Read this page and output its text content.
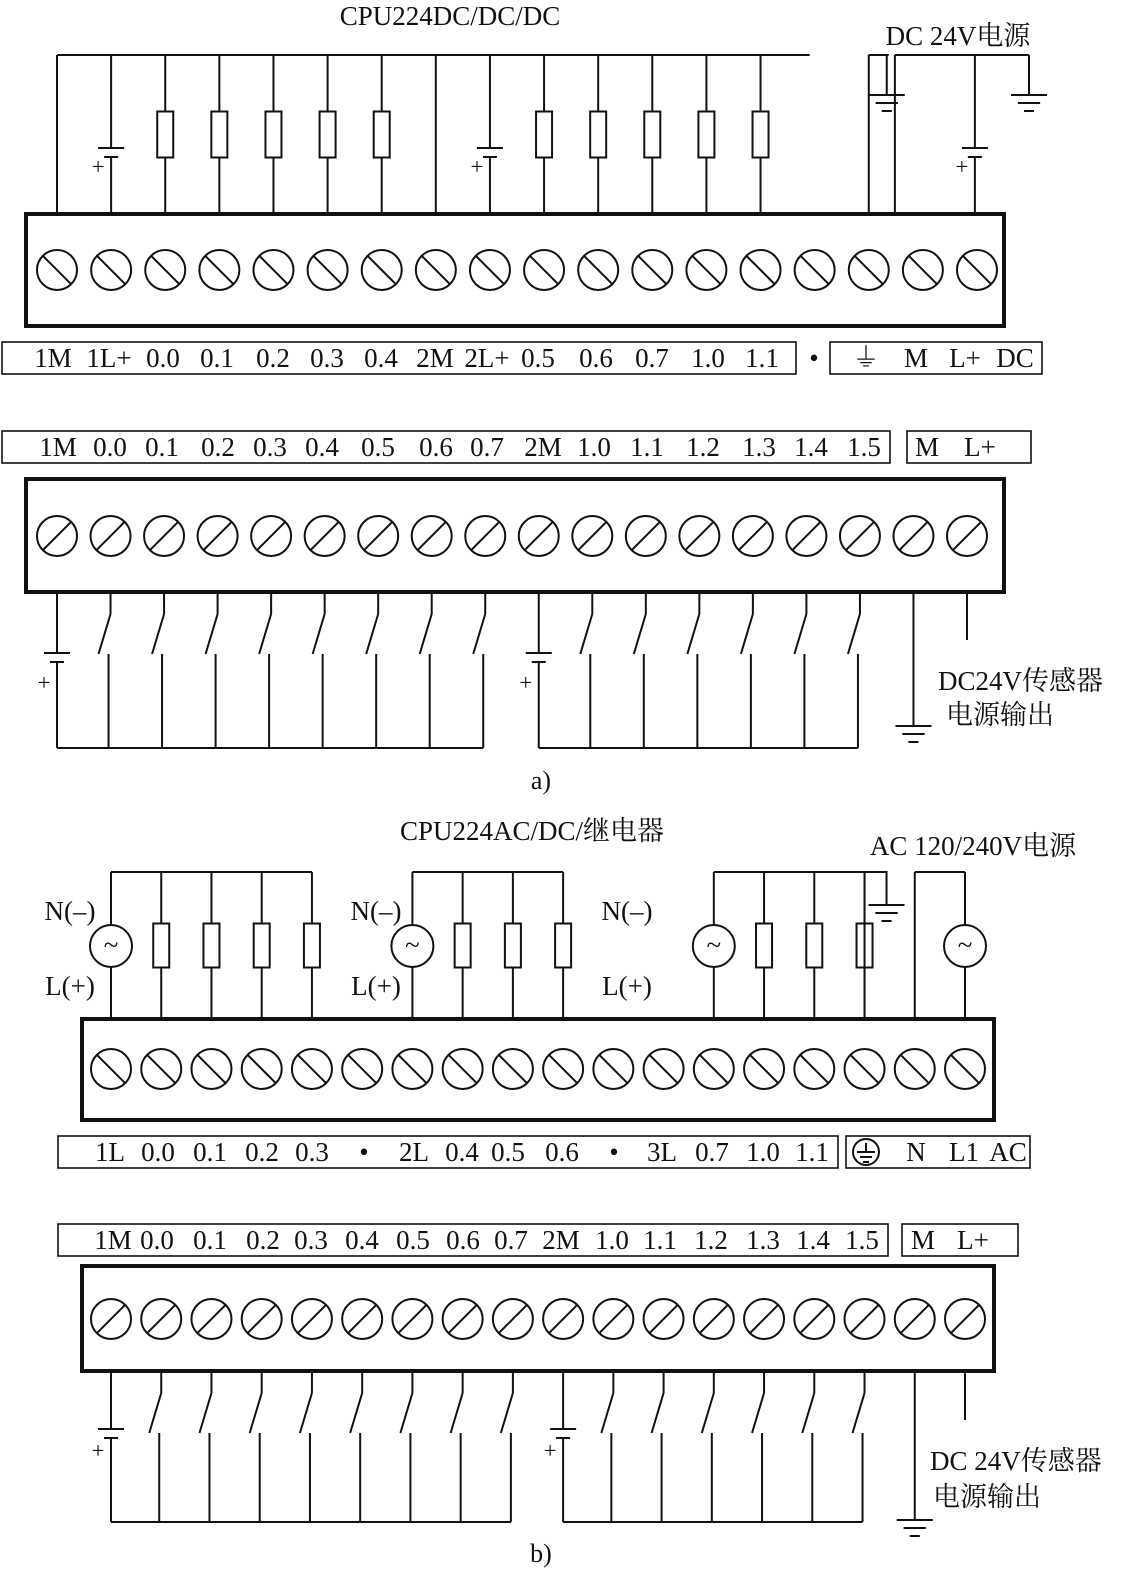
CPU224DC/DC/DC
DC 24V电源
+	+	+
•
1M 1L+ 0.0 0.1 0.2 0.3 0.4 2M 2L+ 0.5 0.6 0.7 1.0 1.1	⏚ M L+ DC
1M 0.0 0.1 0.2 0.3 0.4 0.5 0.6 0.7 2M 1.0 1.1 1.2 1.3 1.4 1.5 M L+
+	+	DC24V传感器
电源输出
a)
CPU224AC/DC/继电器	AC 120/240V电源
~	~	~
N(–)
L(+)
N(–)
L(+)
N(–)
L(+)
~
1L 0.0 0.1 0.2 0.3 • 2L 0.4 0.5 0.6 • 3L 0.7 1.0 1.1	N L1 AC
1M 0.0 0.1 0.2 0.3 0.4 0.5 0.6 0.7 2M 1.0 1.1 1.2 1.3 1.4 1.5 M L+
+	+	DC 24V传感器
电源输出
b)
